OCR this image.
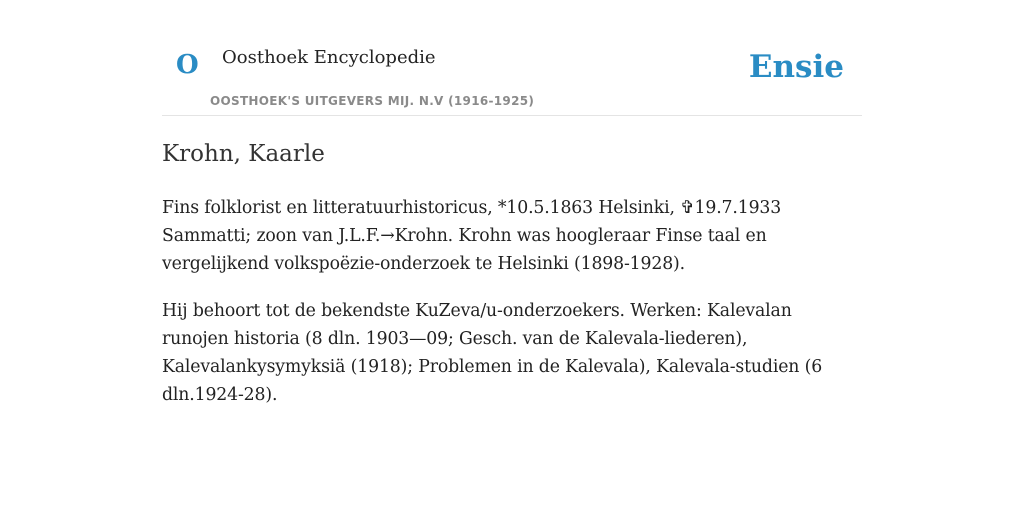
O Oosthoek Encyclopedie
OOSTHOEK'S UITGEVERS MIJ. N.V (1916-1925)
Ensie
Krohn, Kaarle

Fins folklorist en litteratuurhistoricus, *10.5.1863 Helsinki, ✞19.7.1933 Sammatti; zoon van J.L.F.→Krohn. Krohn was hoogleraar Finse taal en vergelijkend volkspoëzie-onderzoek te Helsinki (1898-1928).

Hij behoort tot de bekendste KuZeva/u-onderzoekers. Werken: Kalevalan runojen historia (8 dln. 1903—09; Gesch. van de Kalevala-liederen), Kalevalankysymyksiä (1918); Problemen in de Kalevala), Kalevala-studien (6 dln.1924-28).
